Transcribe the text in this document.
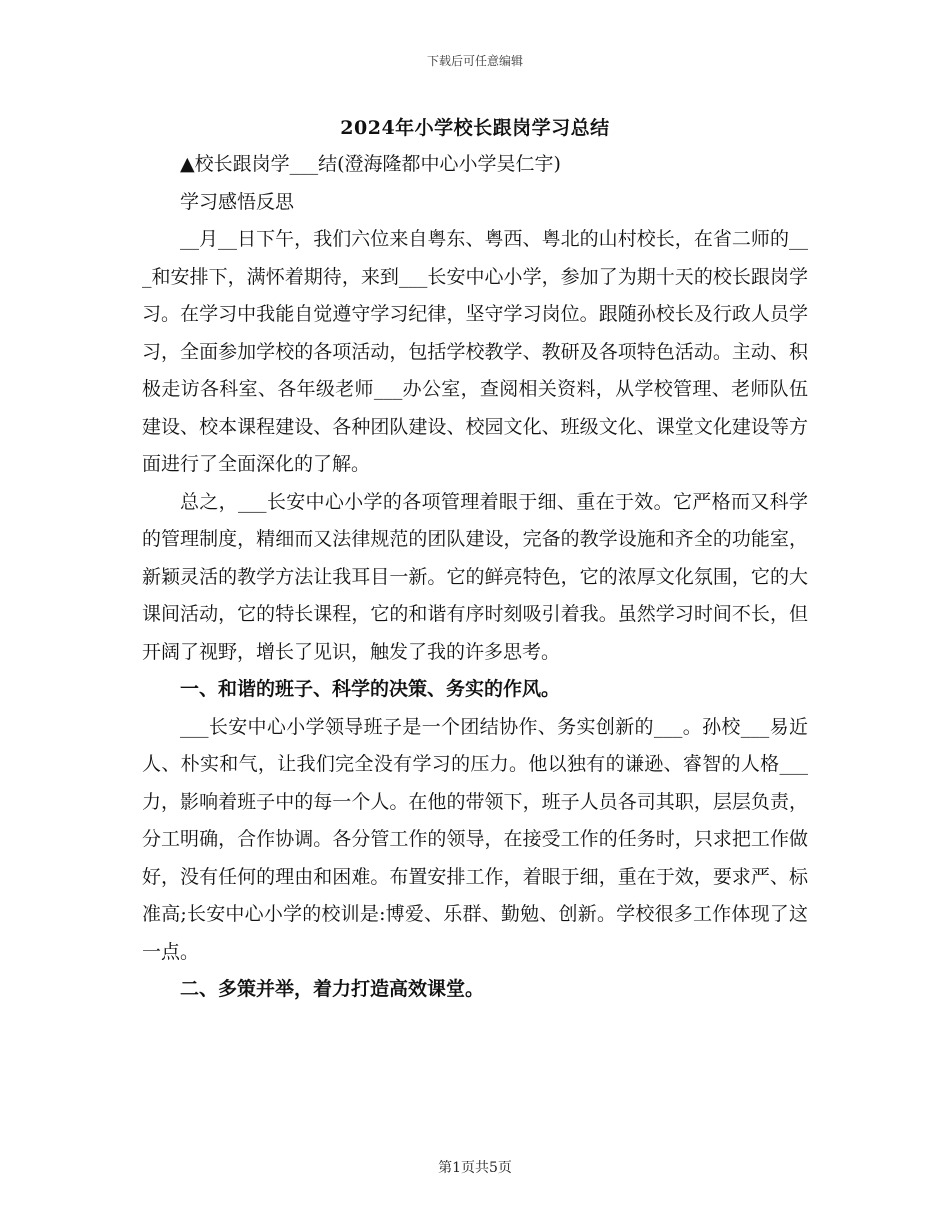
下载后可任意编辑
2024年小学校长跟岗学习总结

▲校长跟岗学___结(澄海隆都中心小学吴仁宇)

学习感悟反思

__月__日下午，我们六位来自粤东、粤西、粤北的山村校长，在省二师的___和安排下，满怀着期待，来到___长安中心小学，参加了为期十天的校长跟岗学习。在学习中我能自觉遵守学习纪律，坚守学习岗位。跟随孙校长及行政人员学习，全面参加学校的各项活动，包括学校教学、教研及各项特色活动。主动、积极走访各科室、各年级老师___办公室，查阅相关资料，从学校管理、老师队伍建设、校本课程建设、各种团队建设、校园文化、班级文化、课堂文化建设等方面进行了全面深化的了解。

总之，___长安中心小学的各项管理着眼于细、重在于效。它严格而又科学的管理制度，精细而又法律规范的团队建设，完备的教学设施和齐全的功能室，新颖灵活的教学方法让我耳目一新。它的鲜亮特色，它的浓厚文化氛围，它的大课间活动，它的特长课程，它的和谐有序时刻吸引着我。虽然学习时间不长，但开阔了视野，增长了见识，触发了我的许多思考。

一、和谐的班子、科学的决策、务实的作风。

___长安中心小学领导班子是一个团结协作、务实创新的___。孙校___易近人、朴实和气，让我们完全没有学习的压力。他以独有的谦逊、睿智的人格___力，影响着班子中的每一个人。在他的带领下，班子人员各司其职，层层负责，分工明确，合作协调。各分管工作的领导，在接受工作的任务时，只求把工作做好，没有任何的理由和困难。布置安排工作，着眼于细，重在于效，要求严、标准高;长安中心小学的校训是:博爱、乐群、勤勉、创新。学校很多工作体现了这一点。

二、多策并举，着力打造高效课堂。

第1页共5页
